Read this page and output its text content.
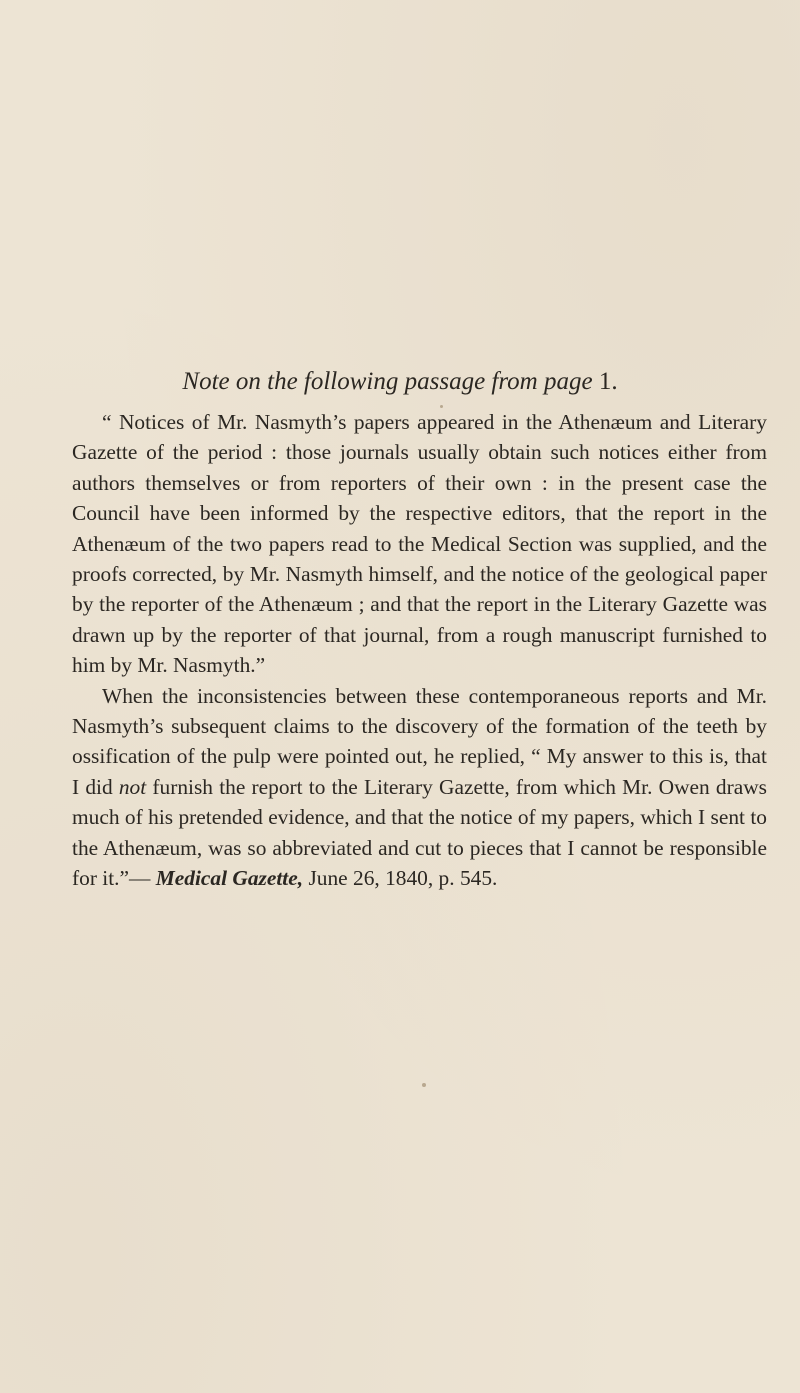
Note on the following passage from page 1.

“ Notices of Mr. Nasmyth’s papers appeared in the Athenæum and Literary Gazette of the period : those journals usually obtain such notices either from authors themselves or from reporters of their own : in the present case the Council have been informed by the respective editors, that the report in the Athenæum of the two papers read to the Medical Section was supplied, and the proofs corrected, by Mr. Nasmyth himself, and the notice of the geological paper by the reporter of the Athenæum ; and that the report in the Literary Gazette was drawn up by the reporter of that journal, from a rough manuscript furnished to him by Mr. Nasmyth.”

When the inconsistencies between these contemporaneous reports and Mr. Nasmyth’s subsequent claims to the discovery of the formation of the teeth by ossification of the pulp were pointed out, he replied, “ My answer to this is, that I did not furnish the report to the Literary Gazette, from which Mr. Owen draws much of his pretended evidence, and that the notice of my papers, which I sent to the Athenæum, was so abbreviated and cut to pieces that I cannot be responsible for it.”— Medical Gazette, June 26, 1840, p. 545.
